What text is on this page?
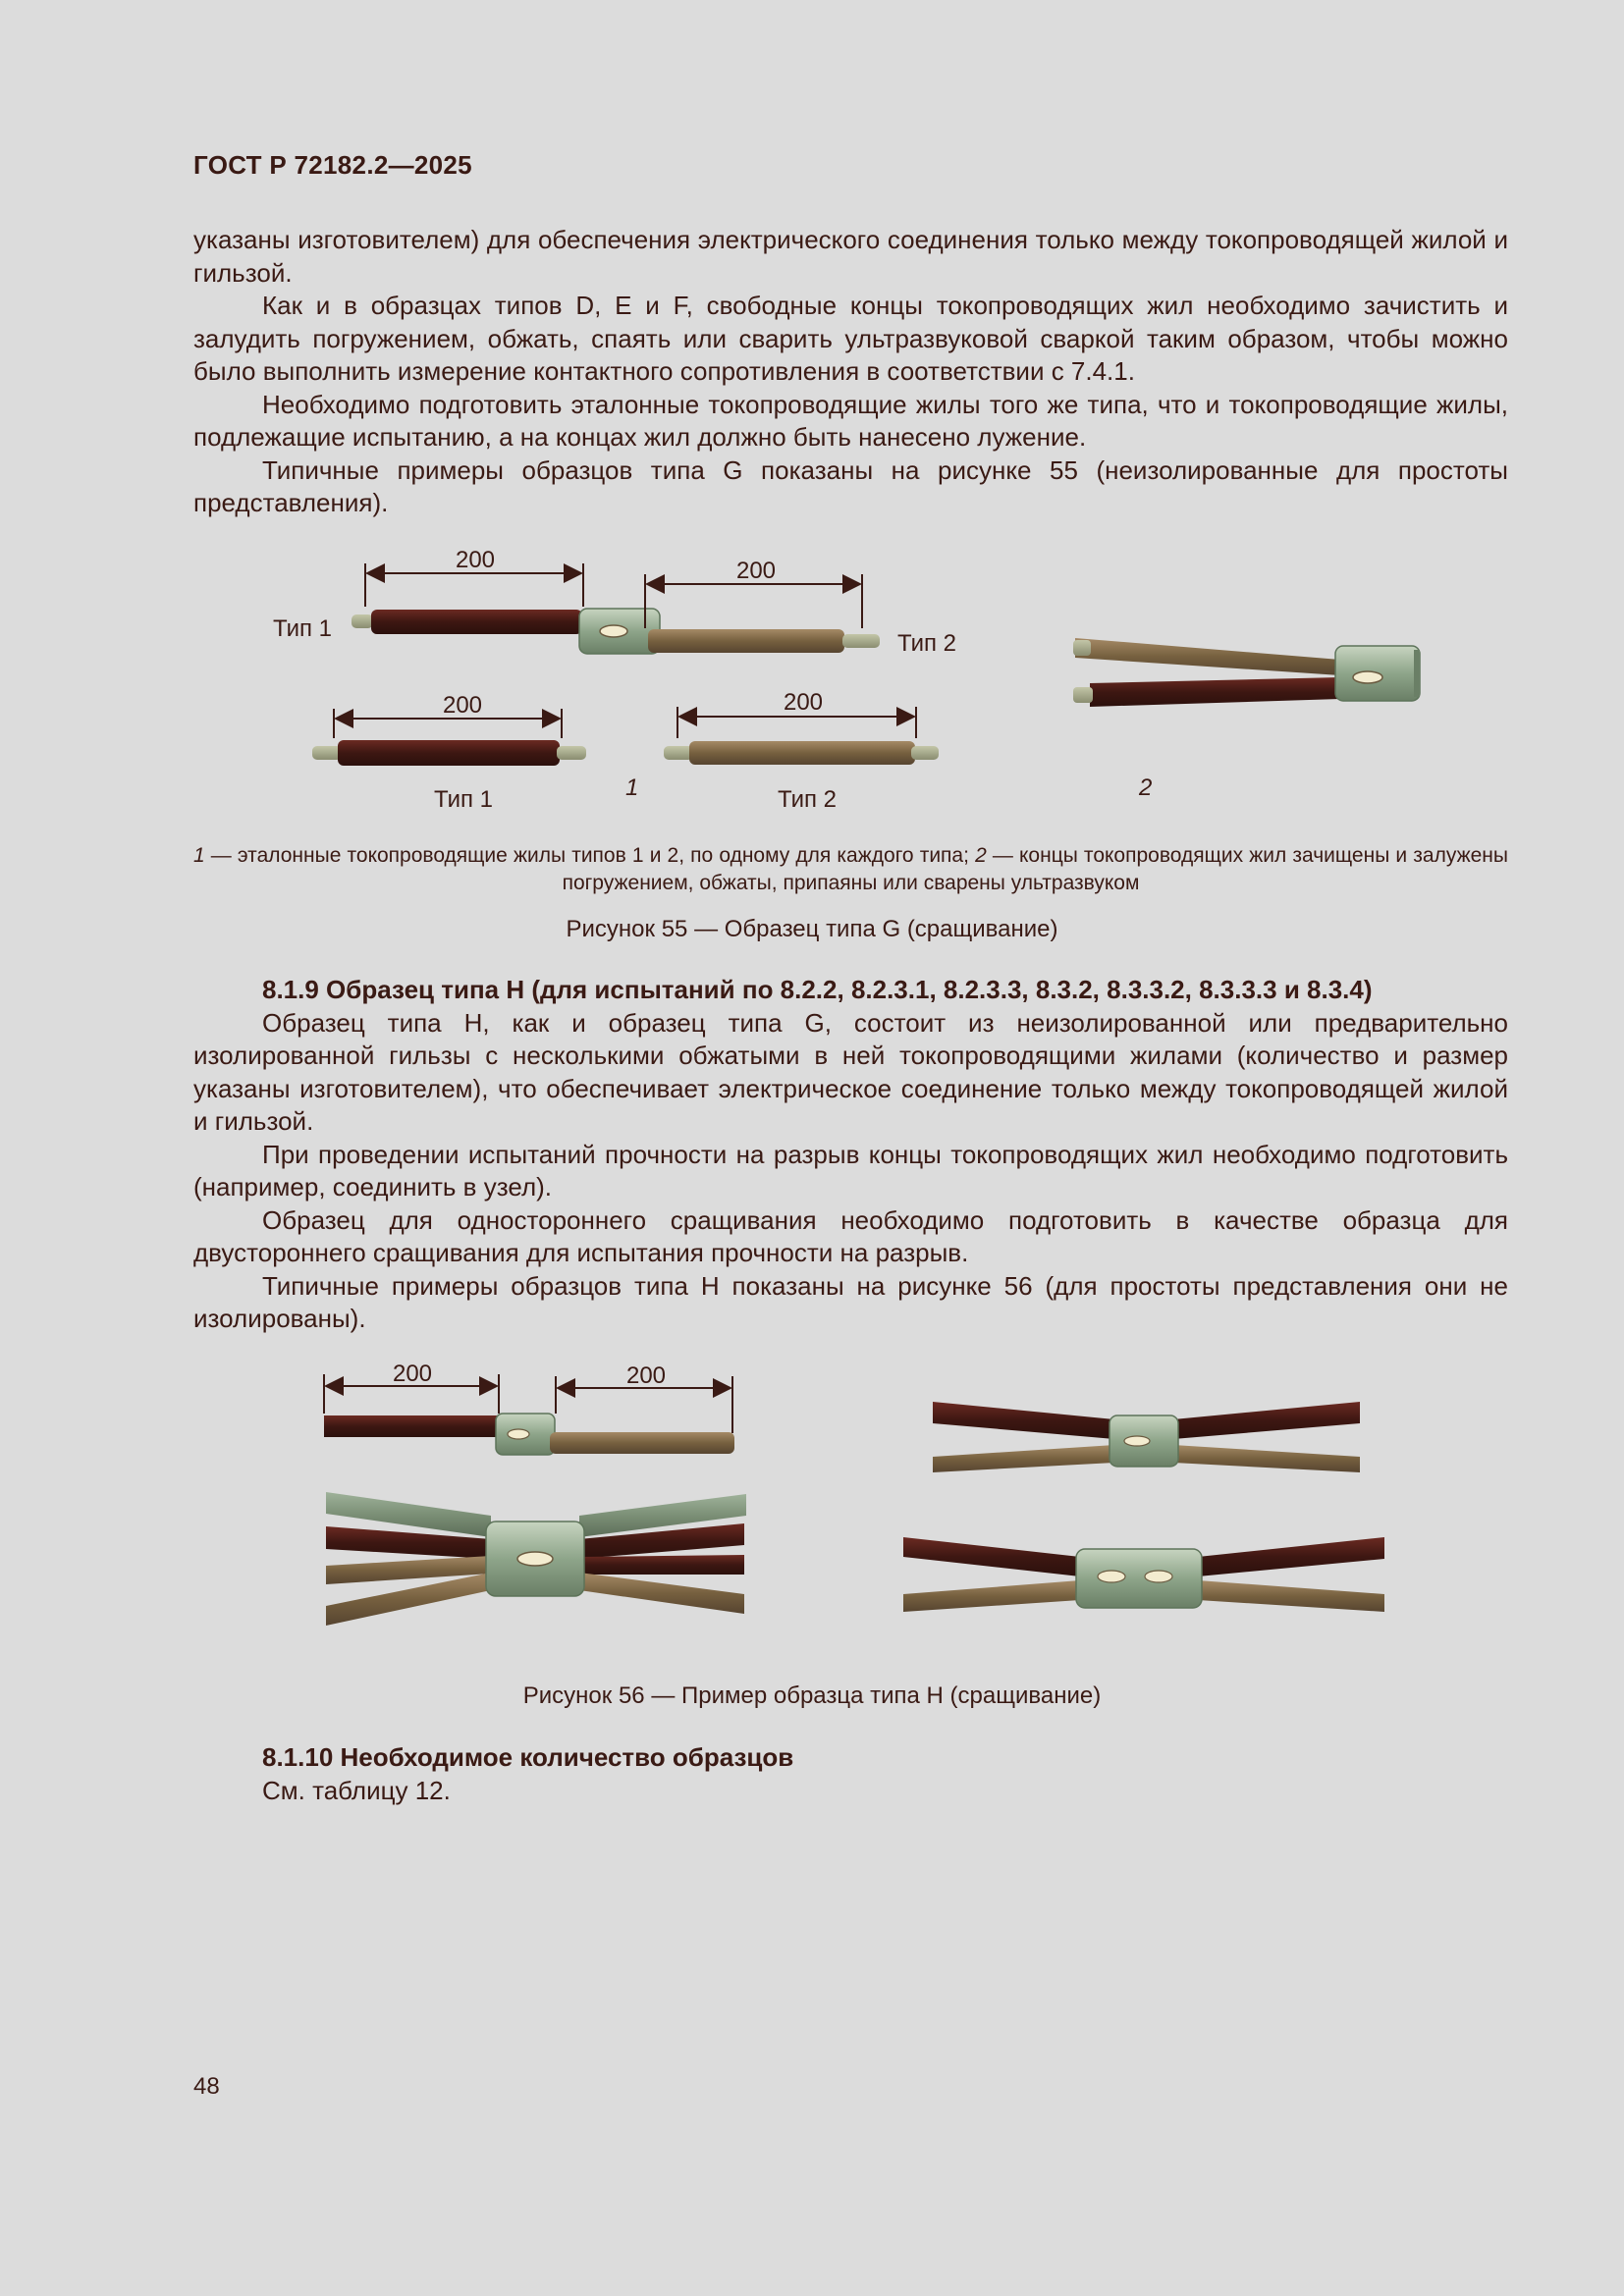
ГОСТ Р 72182.2—2025

указаны изготовителем) для обеспечения электрического соединения только между токопроводящей жилой и гильзой.

Как и в образцах типов D, E и F, свободные концы токопроводящих жил необходимо зачистить и залудить погружением, обжать, спаять или сварить ультразвуковой сваркой таким образом, чтобы можно было выполнить измерение контактного сопротивления в соответствии с 7.4.1.

Необходимо подготовить эталонные токопроводящие жилы того же типа, что и токопроводящие жилы, подлежащие испытанию, а на концах жил должно быть нанесено лужение.

Типичные примеры образцов типа G показаны на рисунке 55 (неизолированные для простоты представления).

200	200
Тип 1
Тип 2
200
Тип 1
200
Тип 2
1	2
1 — эталонные токопроводящие жилы типов 1 и 2, по одному для каждого типа; 2 — концы токопроводящих жил зачищены и залужены погружением, обжаты, припаяны или сварены ультразвуком
Рисунок 55 — Образец типа G (сращивание)

8.1.9 Образец типа H (для испытаний по 8.2.2, 8.2.3.1, 8.2.3.3, 8.3.2, 8.3.3.2, 8.3.3.3 и 8.3.4)

Образец типа H, как и образец типа G, состоит из неизолированной или предварительно изолированной гильзы с несколькими обжатыми в ней токопроводящими жилами (количество и размер указаны изготовителем), что обеспечивает электрическое соединение только между токопроводящей жилой и гильзой.

При проведении испытаний прочности на разрыв концы токопроводящих жил необходимо подготовить (например, соединить в узел).

Образец для одностороннего сращивания необходимо подготовить в качестве образца для двустороннего сращивания для испытания прочности на разрыв.

Типичные примеры образцов типа H показаны на рисунке 56 (для простоты представления они не изолированы).

200	200
Рисунок 56 — Пример образца типа H (сращивание)

8.1.10 Необходимое количество образцов

См. таблицу 12.

48
